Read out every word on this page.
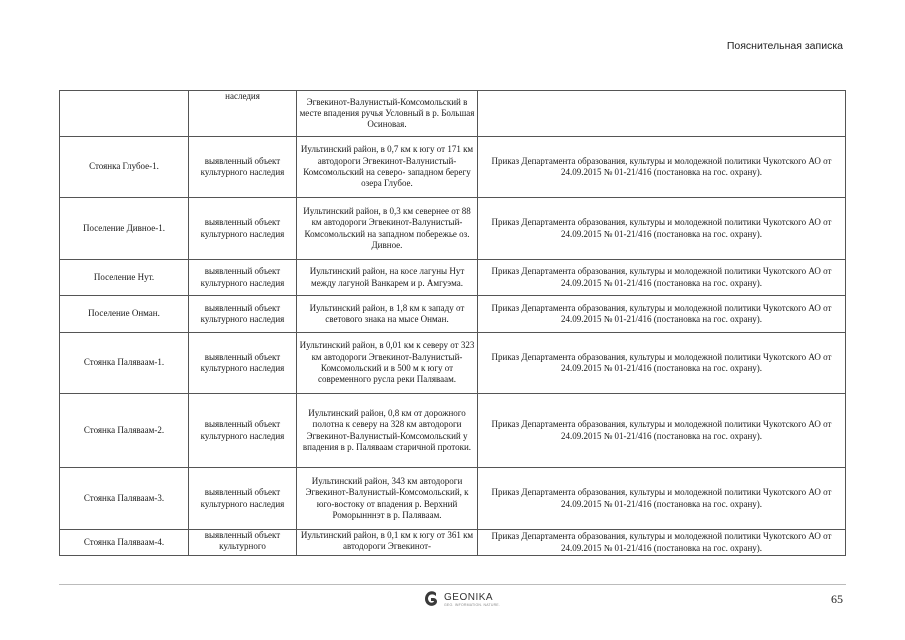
Пояснительная записка
	наследия	Эгвекинот-Валунистый-Комсомольский в месте впадения ручья Условный в р. Большая Осиновая.	
Стоянка Глубое-1.	выявленный объект культурного наследия	Иультинский район, в 0,7 км к югу от 171 км автодороги Эгвекинот-Валунистый-Комсомольский на северо- западном берегу озера Глубое.	Приказ Департамента образования, культуры и молодежной политики Чукотского АО от 24.09.2015 № 01-21/416 (постановка на гос. охрану).
Поселение Дивное-1.	выявленный объект культурного наследия	Иультинский район, в 0,3 км севернее от 88 км автодороги Эгвекинот-Валунистый-Комсомольский на западном побережье оз. Дивное.	Приказ Департамента образования, культуры и молодежной политики Чукотского АО от 24.09.2015 № 01-21/416 (постановка на гос. охрану).
Поселение Нут.	выявленный объект культурного наследия	Иультинский район, на косе лагуны Нут между лагуной Ванкарем и р. Амгуэма.	Приказ Департамента образования, культуры и молодежной политики Чукотского АО от 24.09.2015 № 01-21/416 (постановка на гос. охрану).
Поселение Онман.	выявленный объект культурного наследия	Иультинский район, в 1,8 км к западу от светового знака на мысе Онман.	Приказ Департамента образования, культуры и молодежной политики Чукотского АО от 24.09.2015 № 01-21/416 (постановка на гос. охрану).
Стоянка Паляваам-1.	выявленный объект культурного наследия	Иультинский район, в 0,01 км к северу от 323 км автодороги Эгвекинот-Валунистый-Комсомольский и в 500 м к югу от современного русла реки Паляваам.	Приказ Департамента образования, культуры и молодежной политики Чукотского АО от 24.09.2015 № 01-21/416 (постановка на гос. охрану).
Стоянка Паляваам-2.	выявленный объект культурного наследия	Иультинский район, 0,8 км от дорожного полотна к северу на 328 км автодороги Эгвекинот-Валунистый-Комсомольский у впадения в р. Паляваам старичной протоки.	Приказ Департамента образования, культуры и молодежной политики Чукотского АО от 24.09.2015 № 01-21/416 (постановка на гос. охрану).
Стоянка Паляваам-3.	выявленный объект культурного наследия	Иультинский район, 343 км автодороги Эгвекинот-Валунистый-Комсомольский, к юго-востоку от впадения р. Верхний Роморынннэт в р. Паляваам.	Приказ Департамента образования, культуры и молодежной политики Чукотского АО от 24.09.2015 № 01-21/416 (постановка на гос. охрану).
Стоянка Паляваам-4.	выявленный объект культурного	Иультинский район, в 0,1 км к югу от 361 км автодороги Эгвекинот-	Приказ Департамента образования, культуры и молодежной политики Чукотского АО от 24.09.2015 № 01-21/416 (постановка на гос. охрану).
GEONIKA
GEO. INFORMATION. NATURE.	65
